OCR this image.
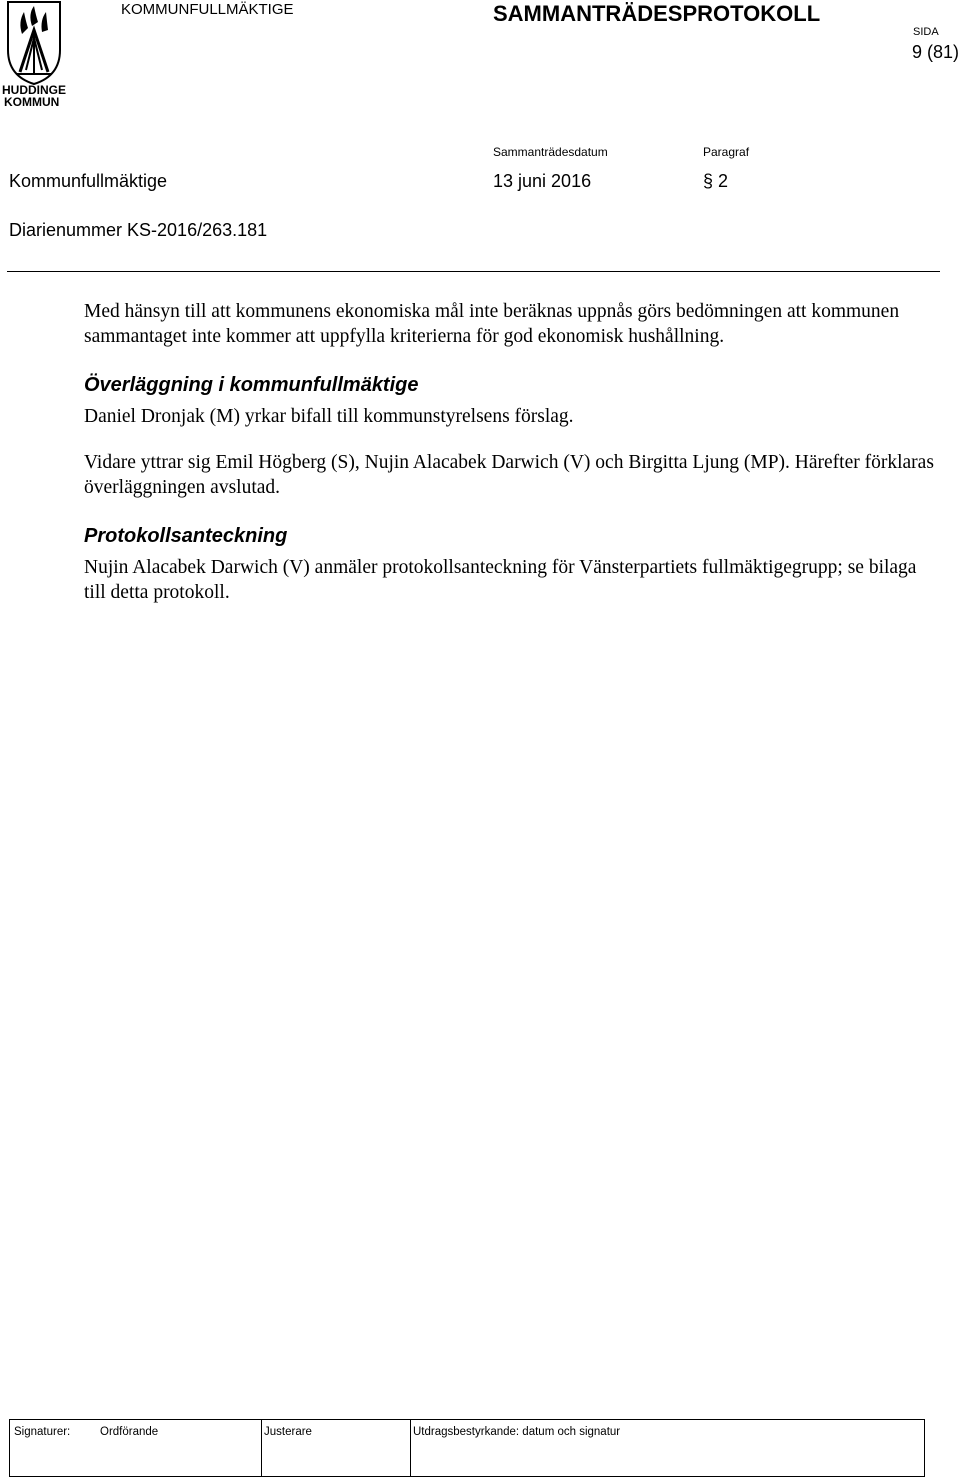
HUDDINGE
KOMMUN
KOMMUNFULLMÄKTIGE	SAMMANTRÄDESPROTOKOLL
SIDA
9 (81)
Sammanträdesdatum	Paragraf
Kommunfullmäktige	13 juni 2016	§ 2
Diarienummer KS-2016/263.181

Med hänsyn till att kommunens ekonomiska mål inte beräknas uppnås görs bedömningen att kommunen sammantaget inte kommer att uppfylla kriterierna för god ekonomisk hushållning.

Överläggning i kommunfullmäktige

Daniel Dronjak (M) yrkar bifall till kommunstyrelsens förslag.

Vidare yttrar sig Emil Högberg (S), Nujin Alacabek Darwich (V) och Birgitta Ljung (MP). Härefter förklaras överläggningen avslutad.

Protokollsanteckning

Nujin Alacabek Darwich (V) anmäler protokollsanteckning för Vänsterpartiets fullmäktigegrupp; se bilaga till detta protokoll.

Signaturer:	Ordförande	Justerare	Utdragsbestyrkande: datum och signatur
